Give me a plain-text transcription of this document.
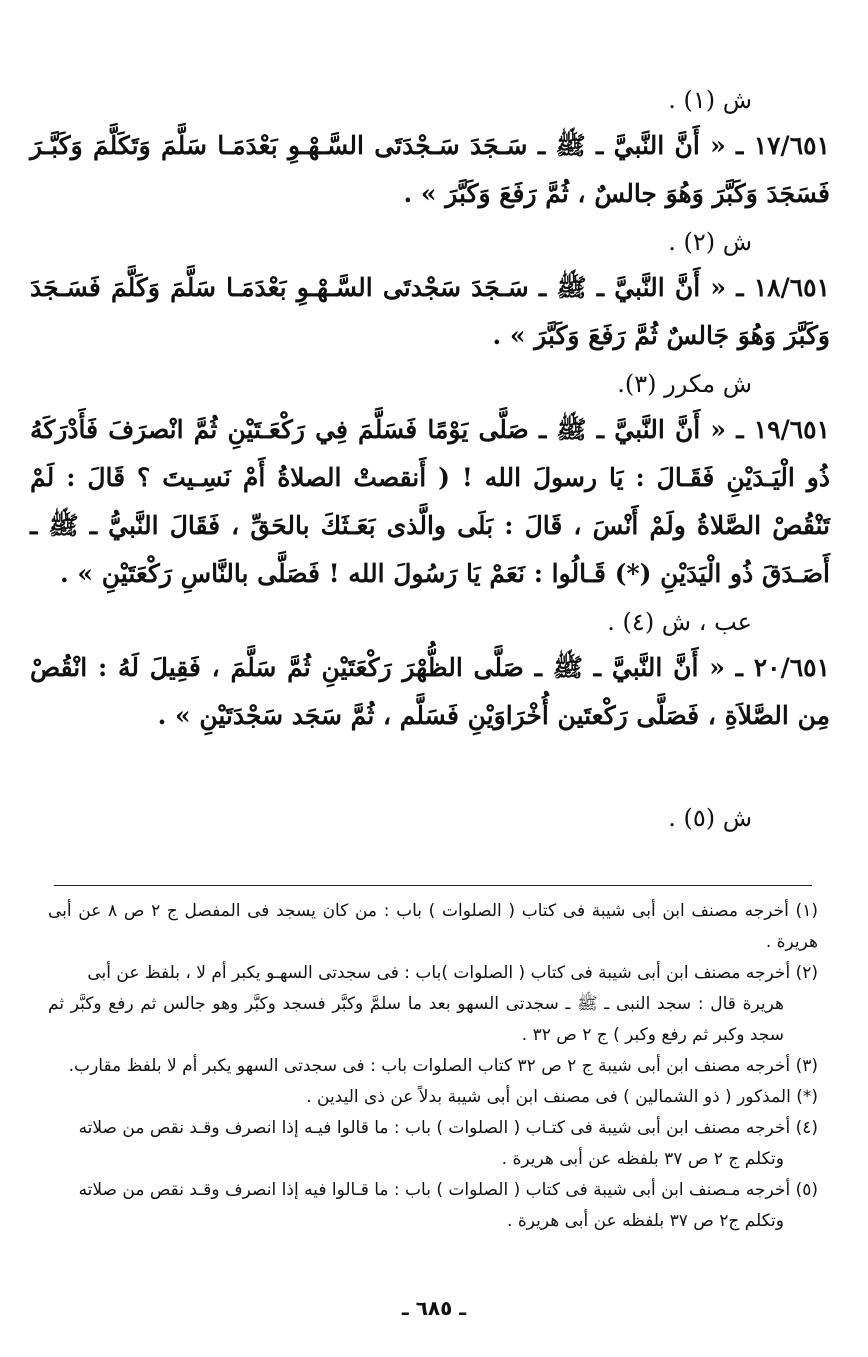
ش (١) .
١٧/٦٥١ ـ « أَنَّ النَّبيَّ ـ ﷺ ـ سَـجَدَ سَـجْدَتَى السَّـهْـوِ بَعْدَمَـا سَلَّمَ وَتَكَلَّمَ وَكَبَّـرَ فَسَجَدَ وَكَبَّرَ وَهُوَ جالسٌ ، ثُمَّ رَفَعَ وَكَبَّرَ » .
ش (٢) .
١٨/٦٥١ ـ « أَنَّ النَّبيَّ ـ ﷺ ـ سَـجَدَ سَجْدتَى السَّـهْـوِ بَعْدَمَـا سَلَّمَ وَكَلَّمَ فَسَـجَدَ وَكَبَّرَ وَهُوَ جَالسٌ ثُمَّ رَفَعَ وَكَبَّرَ » .
ش مكرر (٣).
١٩/٦٥١ ـ « أَنَّ النَّبيَّ ـ ﷺ ـ صَلَّى يَوْمًا فَسَلَّمَ فِي رَكْعَـتَيْنِ ثُمَّ انْصرَفَ فَأَدْرَكَهُ ذُو الْيَـدَيْنِ فَقَـالَ : يَا رسولَ الله ! ( أَنقصتْ الصلاةُ أَمْ نَسِـيتَ ؟ قَالَ : لَمْ تَنْقُصْ الصَّلاةُ ولَمْ أَنْسَ ، قَالَ : بَلَى والَّذى بَعَـثَكَ بالحَقِّ ، فَقَالَ النَّبيُّ ـ ﷺ ـ أَصَـدَقَ ذُو الْيَدَيْنِ (*) قَـالُوا : نَعَمْ يَا رَسُولَ الله ! فَصَلَّى بالنَّاسِ رَكْعَتَيْنِ » .
عب ، ش (٤) .
٢٠/٦٥١ ـ « أَنَّ النَّبيَّ ـ ﷺ ـ صَلَّى الظُّهْرَ رَكْعَتَيْنِ ثُمَّ سَلَّمَ ، فَقِيلَ لَهُ : انْقُصْ مِن الصَّلاَةِ ، فَصَلَّى رَكْعتَين أُخْرَاوَيْنِ فَسَلَّم ، ثُمَّ سَجَد سَجْدَتَيْنِ » .
ش (٥) .
(١) أخرجه مصنف ابن أبى شيبة فى كتاب ( الصلوات ) باب : من كان يسجد فى المفصل ج ٢ ص ٨ عن أبى هريرة .
(٢) أخرجه مصنف ابن أبى شيبة فى كتاب ( الصلوات )باب : فى سجدتى السهـو يكبر أم لا ، بلفظ عن أبى
هريرة قال : سجد النبى ـ ﷺ ـ سجدتى السهو بعد ما سلمَّ وكبَّر فسجد وكبَّر وهو جالس ثم رفع وكبَّر ثم سجد وكبر ثم رفع وكبر ) ج ٢ ص ٣٢ .
(٣) أخرجه مصنف ابن أبى شيبة ج ٢ ص ٣٢ كتاب الصلوات باب : فى سجدتى السهو يكبر أم لا بلفظ مقارب.
(*) المذكور ( ذو الشمالين ) فى مصنف ابن أبى شيبة بدلاً عن ذى اليدين .
(٤) أخرجه مصنف ابن أبى شيبة فى كتـاب ( الصلوات ) باب : ما قالوا فيـه إذا انصرف وقـد نقص من صلاته
وتكلم ج ٢ ص ٣٧ بلفظه عن أبى هريرة .
(٥) أخرجه مـصنف ابن أبى شيبة فى كتاب ( الصلوات ) باب : ما قـالوا فيه إذا انصرف وقـد نقص من صلاته
وتكلم ج٢ ص ٣٧ بلفظه عن أبى هريرة .
ـ ٦٨٥ ـ
